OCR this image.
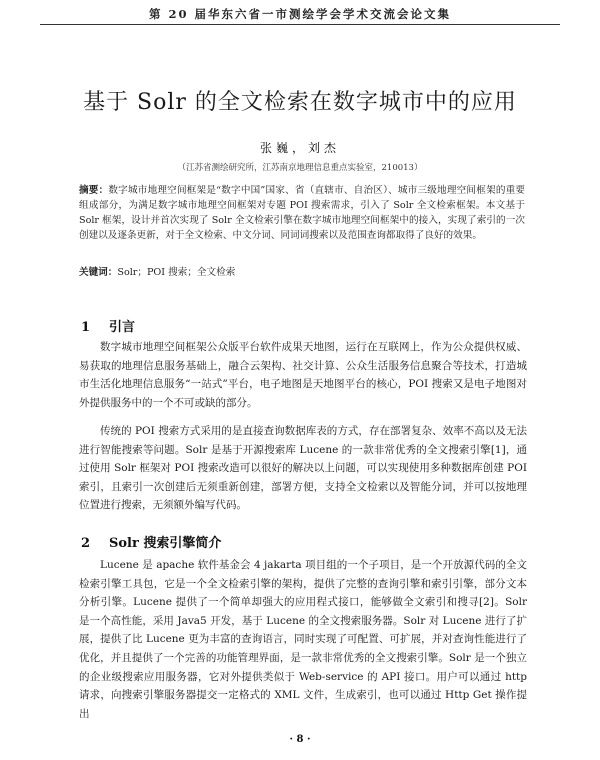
第 20 届华东六省一市测绘学会学术交流会论文集
基于 Solr 的全文检索在数字城市中的应用
张巍，刘杰
（江苏省测绘研究所，江苏南京地理信息重点实验室，210013）
摘要：数字城市地理空间框架是“数字中国”国家、省（直辖市、自治区）、城市三级地理空间框架的重要组成部分，为满足数字城市地理空间框架对专题 POI 搜索需求，引入了 Solr 全文检索框架。本文基于 Solr 框架，设计并首次实现了 Solr 全文检索引擎在数字城市地理空间框架中的接入，实现了索引的一次创建以及逐条更新，对于全文检索、中文分词、同词词搜索以及范围查询都取得了良好的效果。
关键词：Solr；POI 搜索；全文检索
1 引言
数字城市地理空间框架公众版平台软件成果天地图，运行在互联网上，作为公众提供权威、易获取的地理信息服务基础上，融合云架构、社交计算、公众生活服务信息聚合等技术，打造城市生活化地理信息服务“一站式”平台，电子地图是天地图平台的核心，POI 搜索又是电子地图对外提供服务中的一个不可或缺的部分。
传统的 POI 搜索方式采用的是直接查询数据库表的方式，存在部署复杂、效率不高以及无法进行智能搜索等问题。Solr 是基于开源搜索库 Lucene 的一款非常优秀的全文搜索引擎[1]，通过使用 Solr 框架对 POI 搜索改造可以很好的解决以上问题，可以实现使用多种数据库创建 POI 索引，且索引一次创建后无须重新创建，部署方便，支持全文检索以及智能分词，并可以按地理位置进行搜索，无须额外编写代码。
2 Solr 搜索引擎简介
Lucene 是 apache 软件基金会 4 jakarta 项目组的一个子项目，是一个开放源代码的全文检索引擎工具包，它是一个全文检索引擎的架构，提供了完整的查询引擎和索引引擎，部分文本分析引擎。Lucene 提供了一个简单却强大的应用程式接口，能够做全文索引和搜寻[2]。Solr 是一个高性能，采用 Java5 开发，基于 Lucene 的全文搜索服务器。Solr 对 Lucene 进行了扩展，提供了比 Lucene 更为丰富的查询语言，同时实现了可配置、可扩展，并对查询性能进行了优化，并且提供了一个完善的功能管理界面，是一款非常优秀的全文搜索引擎。Solr 是一个独立的企业级搜索应用服务器，它对外提供类似于 Web-service 的 API 接口。用户可以通过 http 请求，向搜索引擎服务器提交一定格式的 XML 文件，生成索引，也可以通过 Http Get 操作提出
· 8 ·
